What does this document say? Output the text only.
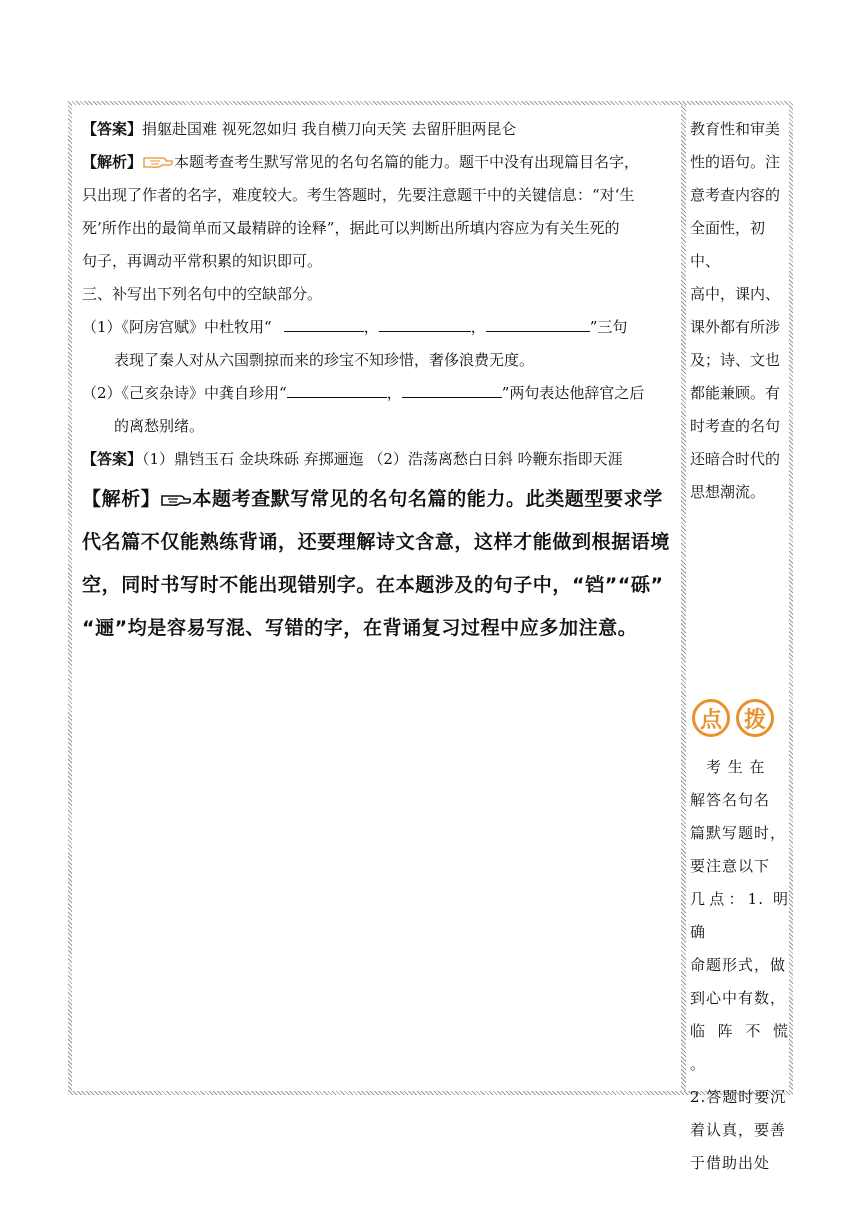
【答案】捐躯赴国难 视死忽如归 我自横刀向天笑 去留肝胆两昆仑

【解析】 本题考查考生默写常见的名句名篇的能力。题干中没有出现篇目名字，

只出现了作者的名字，难度较大。考生答题时，先要注意题干中的关键信息：“对‘生

死’所作出的最简单而又最精辟的诠释”，据此可以判断出所填内容应为有关生死的

句子，再调动平常积累的知识即可。

三、补写出下列名句中的空缺部分。

（1）《阿房宫赋》中杜牧用“	，	，	”三句

表现了秦人对从六国剽掠而来的珍宝不知珍惜，奢侈浪费无度。

（2）《己亥杂诗》中龚自珍用“	，	”两句表达他辞官之后

的离愁别绪。

【答案】（1）鼎铛玉石 金块珠砾 弃掷逦迤 （2）浩荡离愁白日斜 吟鞭东指即天涯

【解析】 本题考查默写常见的名句名篇的能力。此类题型要求学

代名篇不仅能熟练背诵，还要理解诗文含意，这样才能做到根据语境

空，同时书写时不能出现错别字。在本题涉及的句子中，“铛”“砾”

“逦”均是容易写混、写错的字，在背诵复习过程中应多加注意。

教育性和审美

性的语句。注

意考查内容的

全面性，初中、

高中，课内、

课外都有所涉

及；诗、文也

都能兼顾。有

时考查的名句

还暗合时代的

思想潮流。

点 拨

　考 生 在

解答名句名

篇默写题时，

要注意以下

几点：1. 明确

命题形式，做

到心中有数，

临 阵 不 慌 。

2.答题时要沉

着认真，要善

于借助出处
